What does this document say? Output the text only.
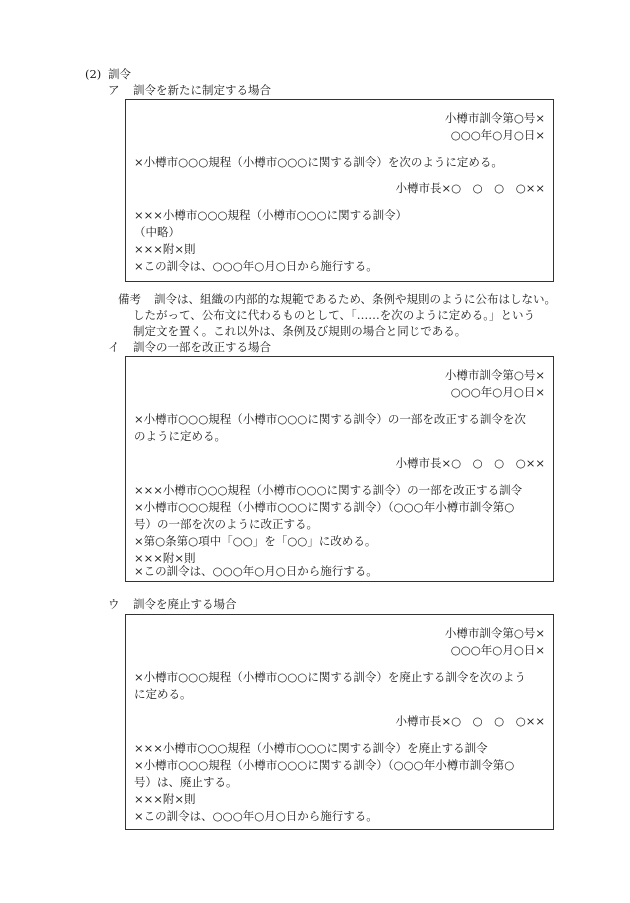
(2) 訓令
ア 訓令を新たに制定する場合
小樽市訓令第○号×
○○○年○月○日×
×小樽市○○○規程（小樽市○○○に関する訓令）を次のように定める。
小樽市長×○　○　○　○××
×××小樽市○○○規程（小樽市○○○に関する訓令）
（中略）
×××附×則
×この訓令は、○○○年○月○日から施行する。
備考 訓令は、組織の内部的な規範であるため、条例や規則のように公布はしない。
したがって、公布文に代わるものとして、「……を次のように定める。」という
制定文を置く。これ以外は、条例及び規則の場合と同じである。
イ 訓令の一部を改正する場合
小樽市訓令第○号×
○○○年○月○日×
×小樽市○○○規程（小樽市○○○に関する訓令）の一部を改正する訓令を次
のように定める。
小樽市長×○　○　○　○××
×××小樽市○○○規程（小樽市○○○に関する訓令）の一部を改正する訓令
×小樽市○○○規程（小樽市○○○に関する訓令）（○○○年小樽市訓令第○
号）の一部を次のように改正する。
×第○条第○項中「○○」を「○○」に改める。
×××附×則
×この訓令は、○○○年○月○日から施行する。
ウ 訓令を廃止する場合
小樽市訓令第○号×
○○○年○月○日×
×小樽市○○○規程（小樽市○○○に関する訓令）を廃止する訓令を次のよう
に定める。
小樽市長×○　○　○　○××
×××小樽市○○○規程（小樽市○○○に関する訓令）を廃止する訓令
×小樽市○○○規程（小樽市○○○に関する訓令）（○○○年小樽市訓令第○
号）は、廃止する。
×××附×則
×この訓令は、○○○年○月○日から施行する。
